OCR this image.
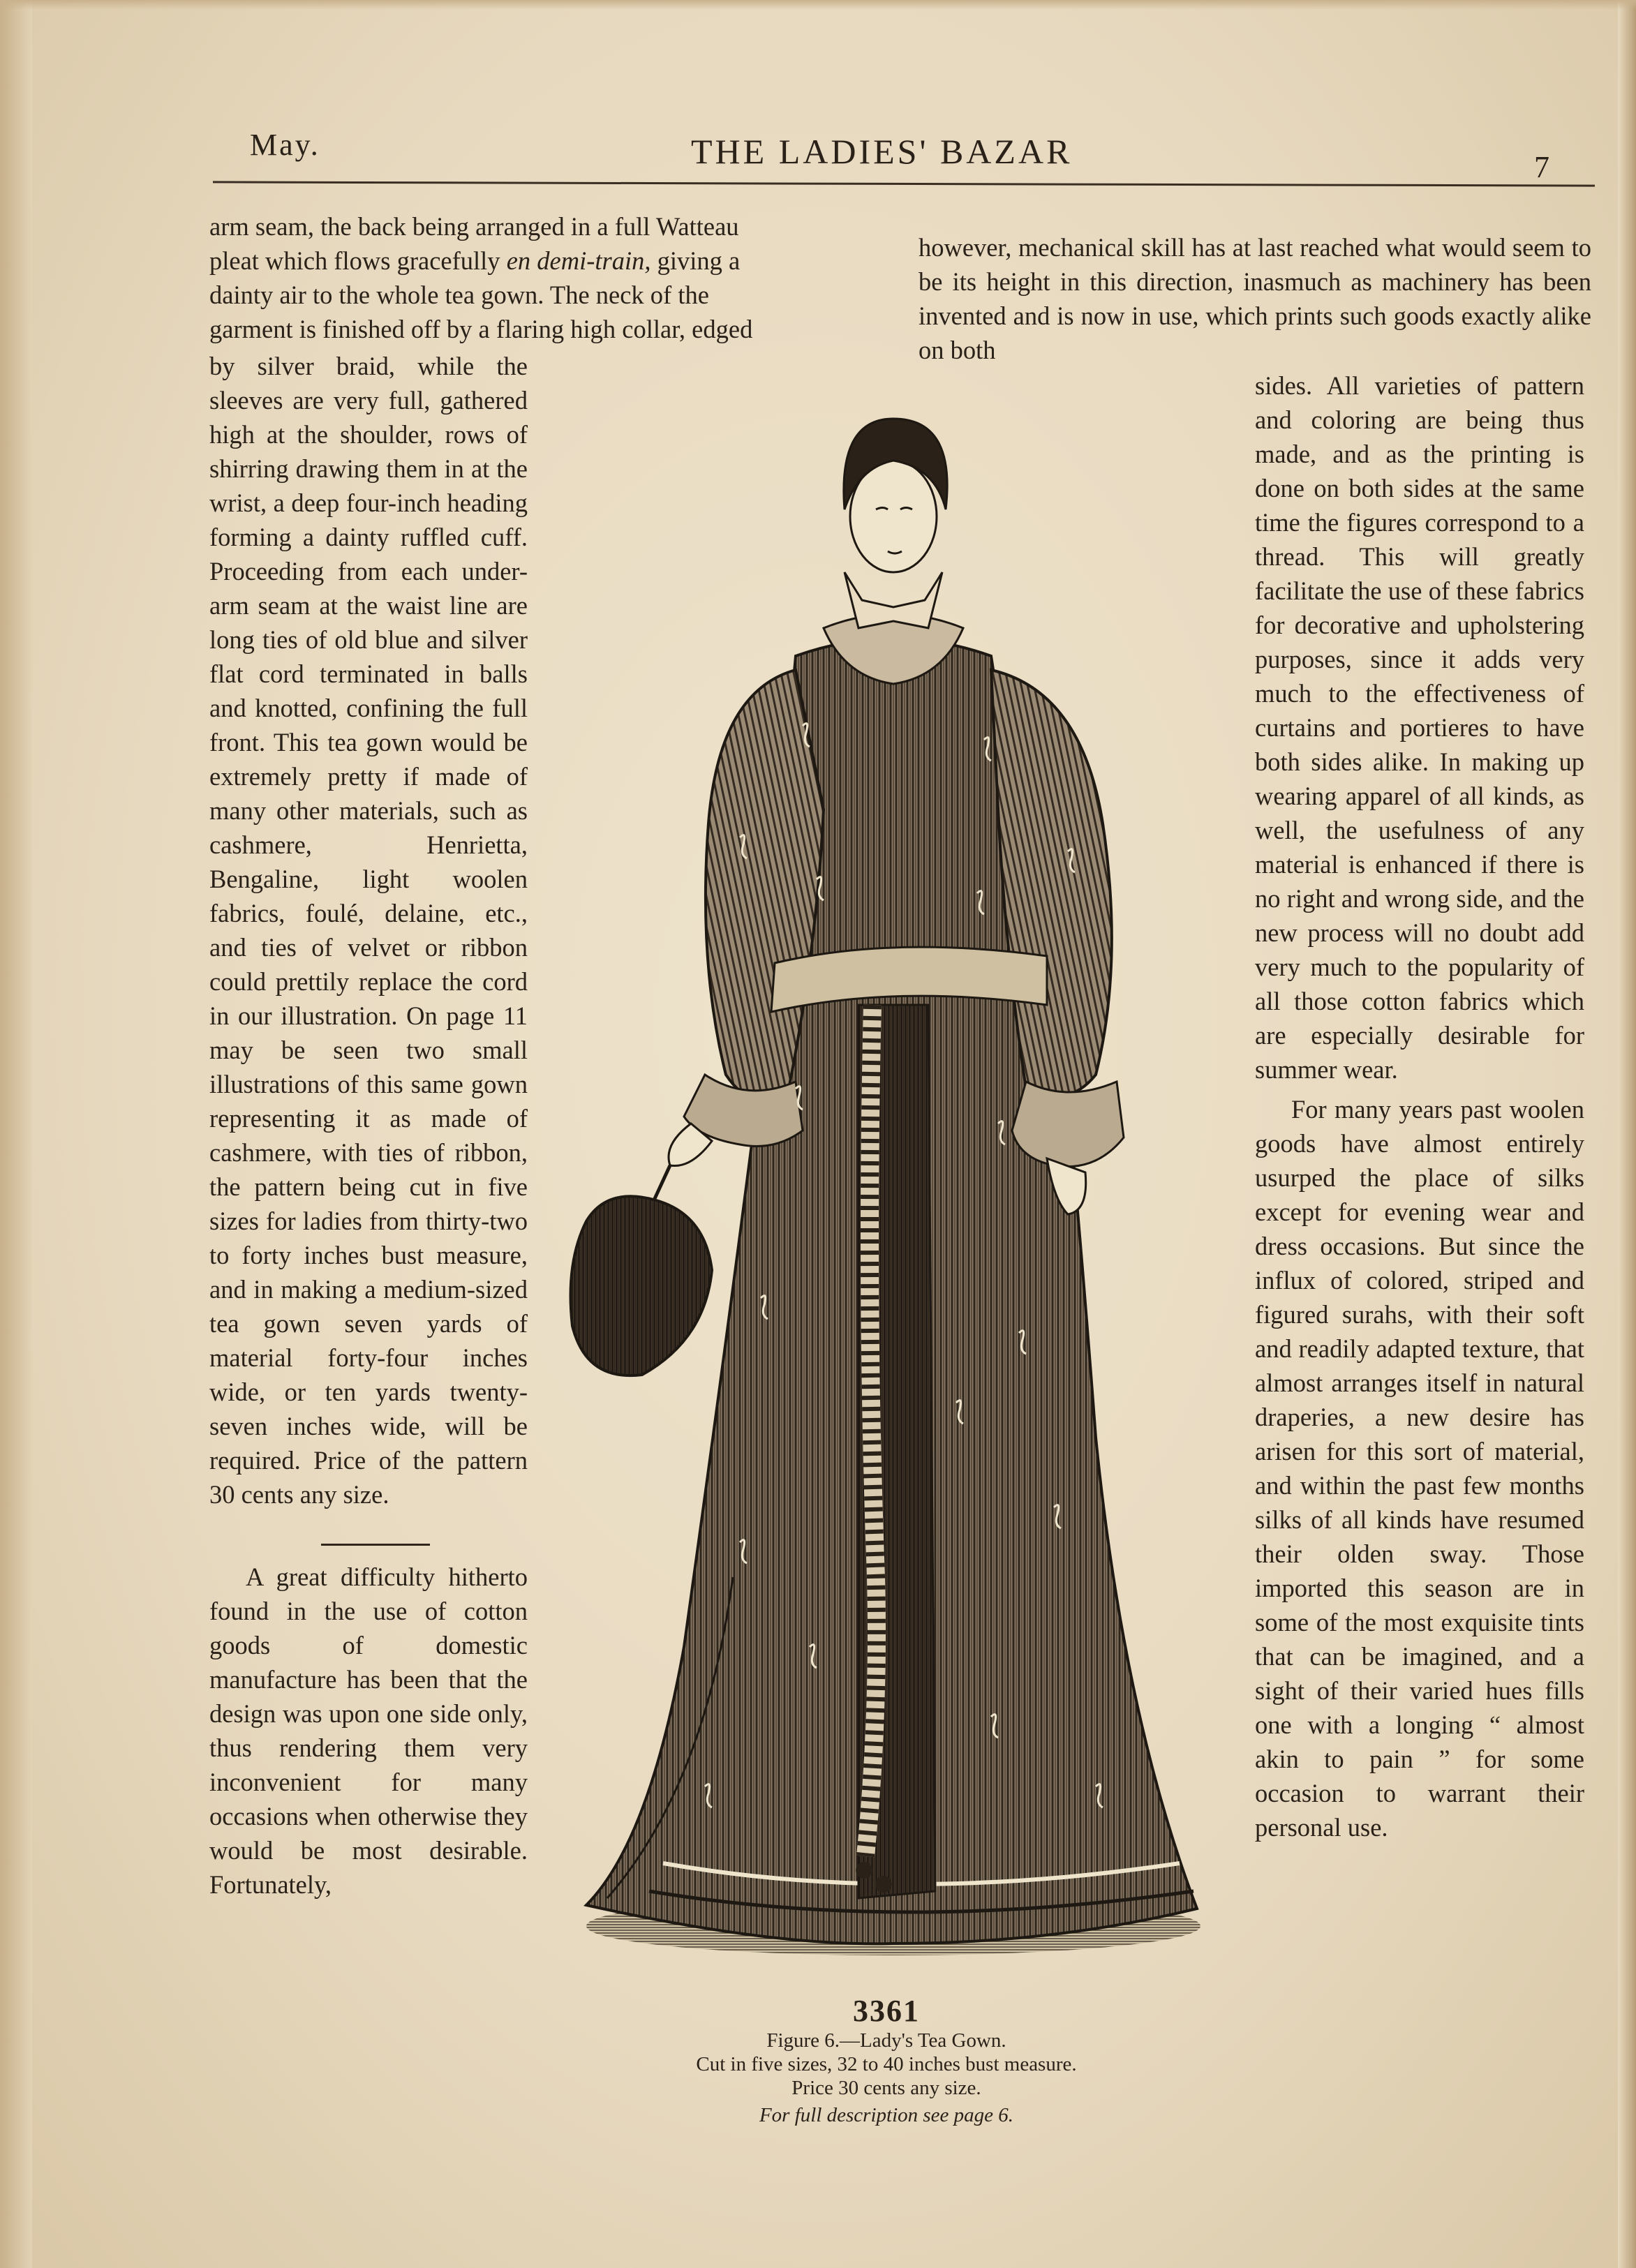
May.	THE LADIES' BAZAR	7

arm seam, the back being arranged in a full Watteau

pleat which flows gracefully en demi-train, giving a

dainty air to the whole tea gown. The neck of the

garment is finished off by a flaring high collar, edged

by silver braid, while the sleeves are very full, gathered high at the shoulder, rows of shirring drawing them in at the wrist, a deep four-inch heading forming a dainty ruffled cuff. Proceeding from each under-arm seam at the waist line are long ties of old blue and silver flat cord terminated in balls and knotted, confining the full front. This tea gown would be extremely pretty if made of many other materials, such as cashmere, Henrietta, Bengaline, light woolen fabrics, foulé, delaine, etc., and ties of velvet or ribbon could prettily replace the cord in our illustration. On page 11 may be seen two small illustrations of this same gown representing it as made of cashmere, with ties of ribbon, the pattern being cut in five sizes for ladies from thirty-two to forty inches bust measure, and in making a medium-sized tea gown seven yards of material forty-four inches wide, or ten yards twenty-seven inches wide, will be required. Price of the pattern 30 cents any size.

A great difficulty hitherto found in the use of cotton goods of domestic manufacture has been that the design was upon one side only, thus rendering them very inconvenient for many occasions when otherwise they would be most desirable. Fortunately,

however, mechanical skill has at last reached what would seem to be its height in this direction, inasmuch as machinery has been invented and is now in use, which prints such goods exactly alike on both

sides. All varieties of pattern and coloring are being thus made, and as the printing is done on both sides at the same time the figures correspond to a thread. This will greatly facilitate the use of these fabrics for decorative and upholstering purposes, since it adds very much to the effectiveness of curtains and portieres to have both sides alike. In making up wearing apparel of all kinds, as well, the usefulness of any material is enhanced if there is no right and wrong side, and the new process will no doubt add very much to the popularity of all those cotton fabrics which are especially desirable for summer wear.

For many years past woolen goods have almost entirely usurped the place of silks except for evening wear and dress occasions. But since the influx of colored, striped and figured surahs, with their soft and readily adapted texture, that almost arranges itself in natural draperies, a new desire has arisen for this sort of material, and within the past few months silks of all kinds have resumed their olden sway. Those imported this season are in some of the most exquisite tints that can be imagined, and a sight of their varied hues fills one with a longing “ almost akin to pain ” for some occasion to warrant their personal use.

3361
Figure 6.—Lady's Tea Gown.
Cut in five sizes, 32 to 40 inches bust measure.
Price 30 cents any size.
For full description see page 6.
